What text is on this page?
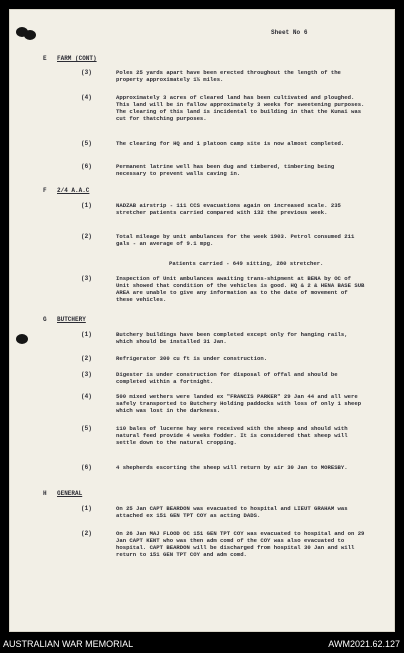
Sheet No 6
E FARM (CONT)
(3)	Poles 25 yards apart have been erected throughout the length of the property approximately 1½ miles.
(4)	Approximately 3 acres of cleared land has been cultivated and ploughed. This land will be in fallow approximately 3 weeks for sweetening purposes. The clearing of this land is incidental to building in that the Kunai was cut for thatching purposes.
(5)	The clearing for HQ and 1 platoon camp site is now almost completed.
(6)	Permanent latrine well has been dug and timbered, timbering being necessary to prevent walls caving in.
F 2/4 A.A.C
(1)	NADZAB airstrip - 111 CCS evacuations again on increased scale. 235 stretcher patients carried compared with 132 the previous week.
(2)	Total mileage by unit ambulances for the week 1903. Petrol consumed 211 gals - an average of 9.1 mpg.
Patients carried - 649 sitting, 280 stretcher.
(3)	Inspection of Unit ambulances awaiting trans-shipment at BENA by OC of Unit showed that condition of the vehicles is good. HQ & 2 & HENA BASE SUB AREA are unable to give any information as to the date of movement of these vehicles.
G BUTCHERY
(1)	Butchery buildings have been completed except only for hanging rails, which should be installed 31 Jan.
(2)	Refrigerator 300 cu ft is under construction.
(3)	Digester is under construction for disposal of offal and should be completed within a fortnight.
(4)	500 mixed wethers were landed ex "FRANCIS PARKER" 29 Jan 44 and all were safely transported to Butchery Holding paddocks with loss of only 1 sheep which was lost in the darkness.
(5)	110 bales of lucerne hay were received with the sheep and should with natural feed provide 4 weeks fodder. It is considered that sheep will settle down to the natural cropping.
(6)	4 shepherds escorting the sheep will return by air 30 Jan to MORESBY.
H GENERAL
(1)	On 25 Jan CAPT BEARDON was evacuated to hospital and LIEUT GRAHAM was attached ex 151 GEN TPT COY as acting DADS.
(2)	On 26 Jan MAJ FLOOD OC 151 GEN TPT COY was evacuated to hospital and on 29 Jan CAPT KENT who was then adm comd of the COY was also evacuated to hospital. CAPT BEARDON will be discharged from hospital 30 Jan and will return to 151 GEN TPT COY and adm comd.
AUSTRALIAN WAR MEMORIAL	AWM2021.62.127
